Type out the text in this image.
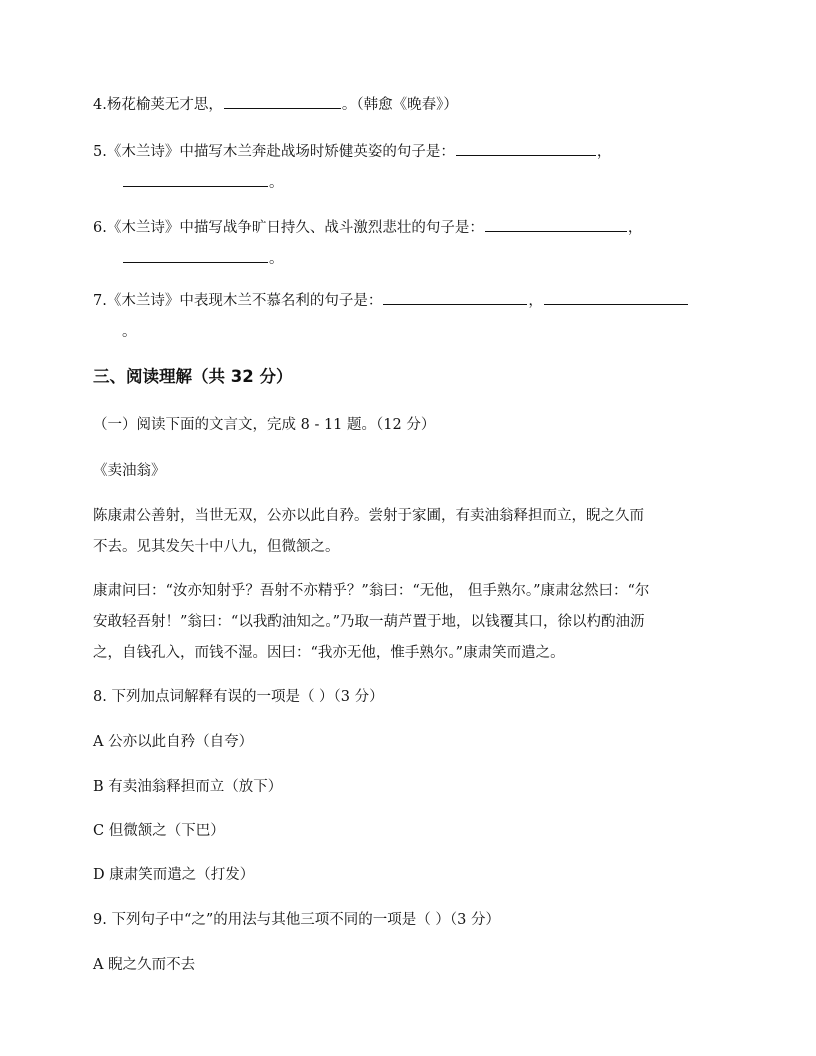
4.杨花榆荚无才思，	。（韩愈《晚春》）
5.《木兰诗》中描写木兰奔赴战场时矫健英姿的句子是：	，
。
6.《木兰诗》中描写战争旷日持久、战斗激烈悲壮的句子是：	，
。
7.《木兰诗》中表现木兰不慕名利的句子是：	，
。
三、阅读理解（共 32 分）
（一）阅读下面的文言文，完成 8 - 11 题。（12 分）
《卖油翁》
陈康肃公善射，当世无双，公亦以此自矜。尝射于家圃，有卖油翁释担而立，睨之久而
不去。见其发矢十中八九，但微颔之。
康肃问曰：“汝亦知射乎？吾射不亦精乎？”翁曰：“无他， 但手熟尔。”康肃忿然曰：“尔
安敢轻吾射！”翁曰：“以我酌油知之。”乃取一葫芦置于地，以钱覆其口，徐以杓酌油沥
之，自钱孔入，而钱不湿。因曰：“我亦无他，惟手熟尔。”康肃笑而遣之。
8. 下列加点词解释有误的一项是（ ）（3 分）
A 公亦以此自矜（自夸）
B 有卖油翁释担而立（放下）
C 但微颔之（下巴）
D 康肃笑而遣之（打发）
9. 下列句子中“之”的用法与其他三项不同的一项是（ ）（3 分）
A 睨之久而不去
